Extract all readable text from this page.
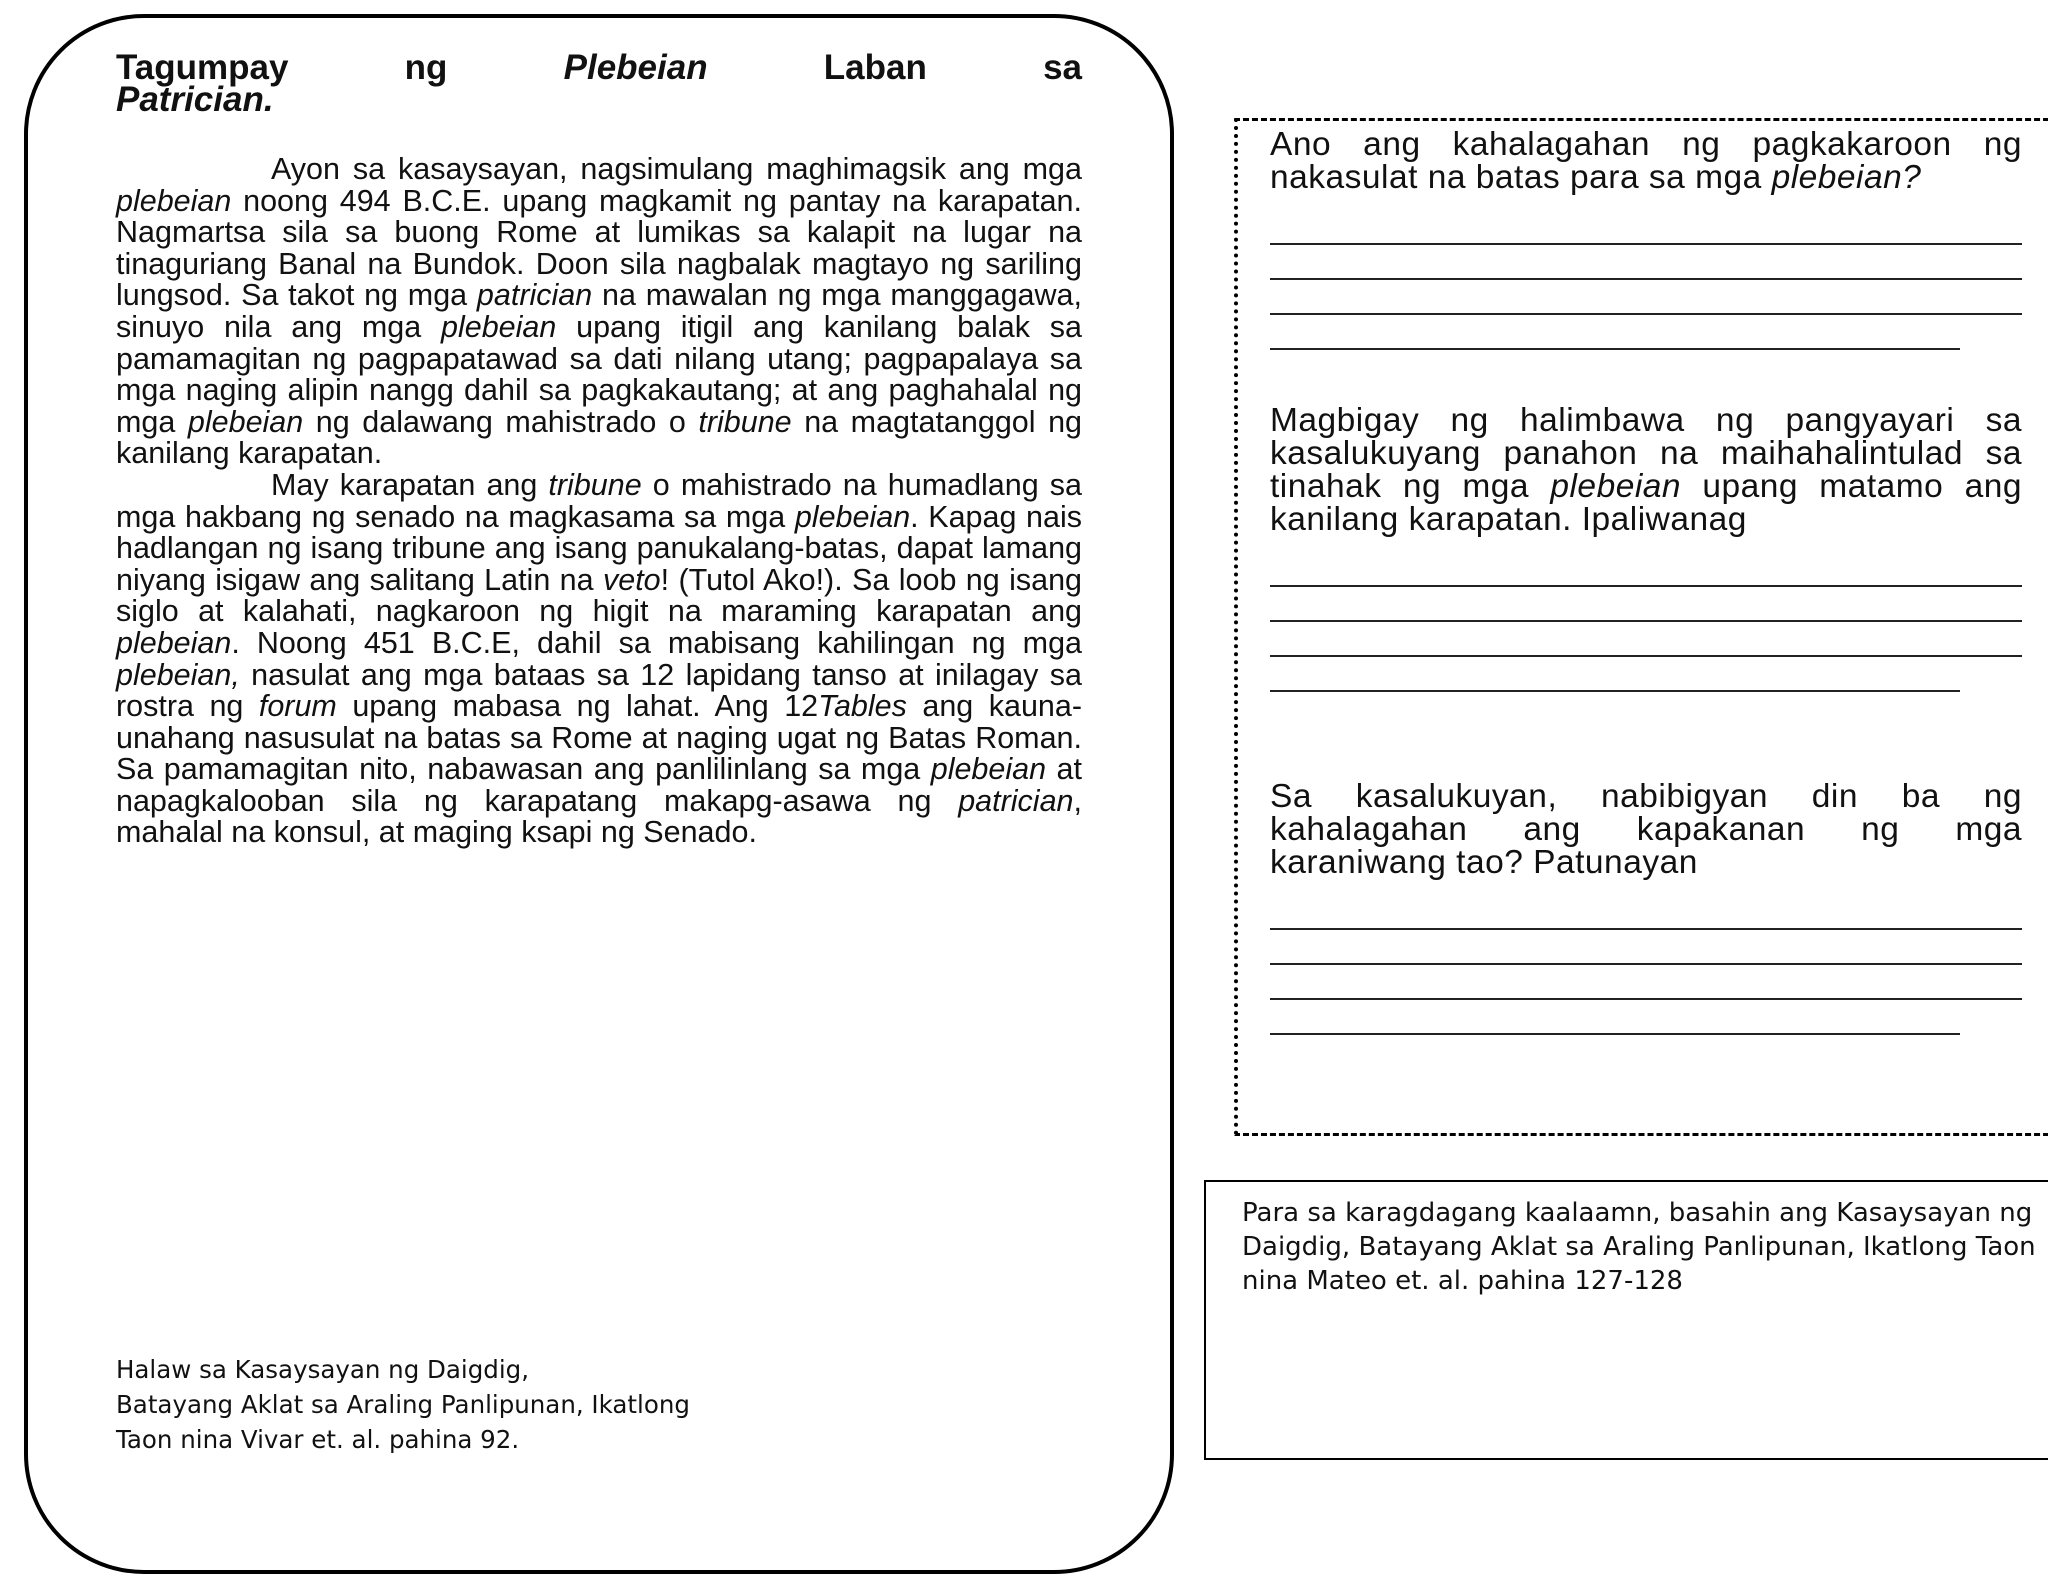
Tagumpay ng Plebeian Laban sa
Patrician.

Ayon sa kasaysayan, nagsimulang maghimagsik ang mga plebeian noong 494 B.C.E. upang magkamit ng pantay na karapatan. Nagmartsa sila sa buong Rome at lumikas sa kalapit na lugar na tinaguriang Banal na Bundok. Doon sila nagbalak magtayo ng sariling lungsod. Sa takot ng mga patrician na mawalan ng mga manggagawa, sinuyo nila ang mga plebeian upang itigil ang kanilang balak sa pamamagitan ng pagpapatawad sa dati nilang utang; pagpapalaya sa mga naging alipin nangg dahil sa pagkakautang; at ang paghahalal ng mga plebeian ng dalawang mahistrado o tribune na magtatanggol ng kanilang karapatan.

May karapatan ang tribune o mahistrado na humadlang sa mga hakbang ng senado na magkasama sa mga plebeian. Kapag nais hadlangan ng isang tribune ang isang panukalang-batas, dapat lamang niyang isigaw ang salitang Latin na veto! (Tutol Ako!). Sa loob ng isang siglo at kalahati, nagkaroon ng higit na maraming karapatan ang plebeian. Noong 451 B.C.E, dahil sa mabisang kahilingan ng mga plebeian, nasulat ang mga bataas sa 12 lapidang tanso at inilagay sa rostra ng forum upang mabasa ng lahat. Ang 12Tables ang kauna-unahang nasusulat na batas sa Rome at naging ugat ng Batas Roman. Sa pamamagitan nito, nabawasan ang panlilinlang sa mga plebeian at napagkalooban sila ng karapatang makapg-asawa ng patrician, mahalal na konsul, at maging ksapi ng Senado.

Halaw sa Kasaysayan ng Daigdig,
Batayang Aklat sa Araling Panlipunan, Ikatlong
Taon nina Vivar et. al. pahina 92.

Ano ang kahalagahan ng pagkakaroon ng nakasulat na batas para sa mga plebeian?

Magbigay ng halimbawa ng pangyayari sa kasalukuyang panahon na maihahalintulad sa tinahak ng mga plebeian upang matamo ang kanilang karapatan. Ipaliwanag

Sa kasalukuyan, nabibigyan din ba ng kahalagahan ang kapakanan ng mga karaniwang tao? Patunayan

Para sa karagdagang kaalaamn, basahin ang Kasaysayan ng Daigdig, Batayang Aklat sa Araling Panlipunan, Ikatlong Taon nina Mateo et. al. pahina 127-128
